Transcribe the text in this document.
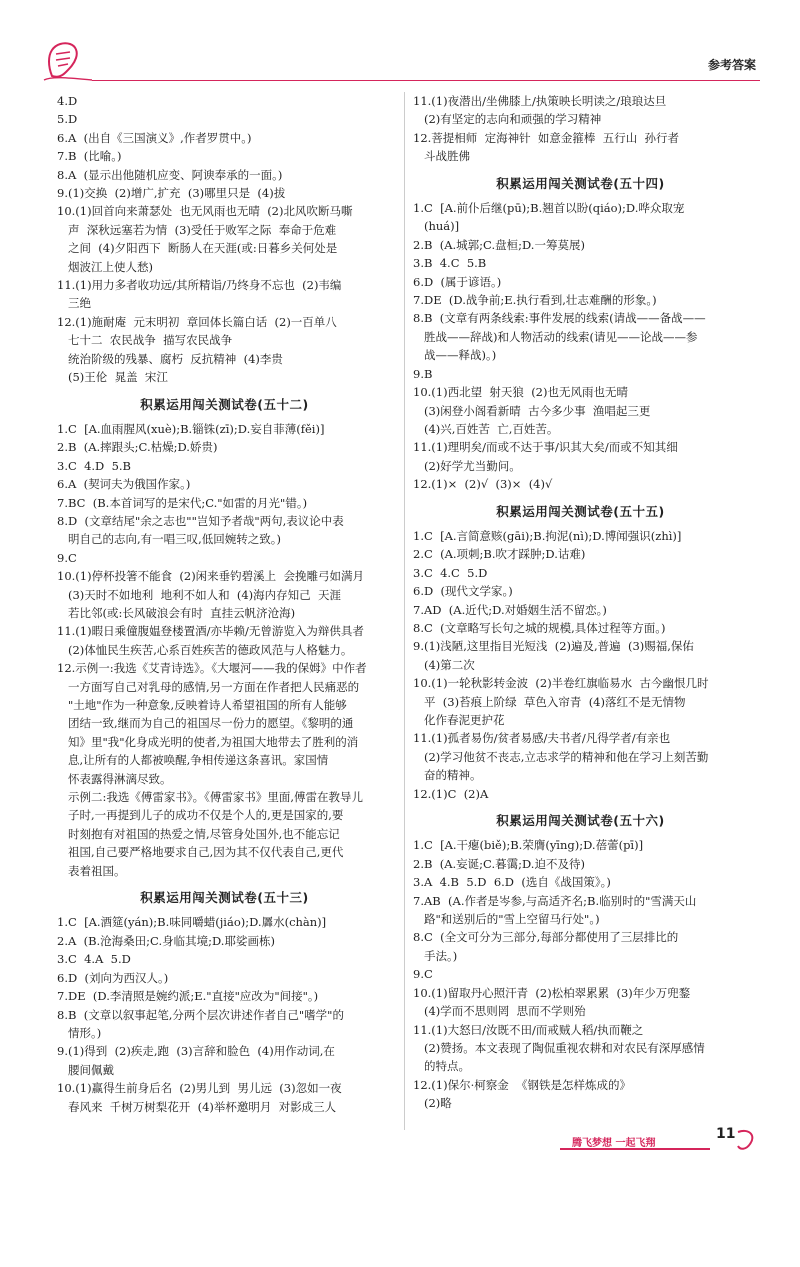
参考答案
4.D
5.D
6.A  (出自《三国演义》,作者罗贯中。)
7.B  (比喻。)
8.A  (显示出他随机应变、阿谀奉承的一面。)
9.(1)交换  (2)增广,扩充  (3)哪里只是  (4)拔
10.(1)回首向来萧瑟处  也无风雨也无晴  (2)北风吹断马嘶
声  深秋远塞若为情  (3)受任于败军之际  奉命于危难
之间  (4)夕阳西下  断肠人在天涯(或:日暮乡关何处是
烟波江上使人愁)
11.(1)用力多者收功远/其所精诣/乃终身不忘也  (2)韦编
三绝
12.(1)施耐庵  元末明初  章回体长篇白话  (2)一百单八
七十二  农民战争  描写农民战争
统治阶级的残暴、腐朽  反抗精神  (4)李贵
(5)王伦  晁盖  宋江
积累运用闯关测试卷(五十二)
1.C  [A.血雨腥风(xuè);B.锱铢(zī);D.妄自菲薄(fěi)]
2.B  (A.摔跟头;C.枯燥;D.娇贵)
3.C  4.D  5.B
6.A  (契诃夫为俄国作家。)
7.BC  (B.本首词写的是宋代;C."如雷的月光"错。)
8.D  (文章结尾"余之志也""岂知予者哉"两句,表议论中表
明自己的志向,有一唱三叹,低回婉转之致。)
9.C
10.(1)停杯投箸不能食  (2)闲来垂钓碧溪上  会挽雕弓如满月
(3)天时不如地利  地利不如人和  (4)海内存知己  天涯
若比邻(或:长风破浪会有时  直挂云帆济沧海)
11.(1)暇日乘僮腹媪登楼置酒/亦毕赖/无曾游览入为辩供具者
(2)体恤民生疾苦,心系百姓疾苦的德政风范与人格魅力。
12.示例一:我选《艾青诗选》。《大堰河——我的保姆》中作者
一方面写自己对乳母的感情,另一方面在作者把人民痛恶的
"土地"作为一种意象,反映着诗人希望祖国的所有人能够
团结一致,继而为自己的祖国尽一份力的愿望。《黎明的通
知》里"我"化身成光明的使者,为祖国大地带去了胜利的消
息,让所有的人都被唤醒,争相传递这条喜讯。家国情
怀表露得淋漓尽致。
示例二:我选《傅雷家书》。《傅雷家书》里面,傅雷在教导儿
子时,一再提到儿子的成功不仅是个人的,更是国家的,要
时刻抱有对祖国的热爱之情,尽管身处国外,也不能忘记
祖国,自己要严格地要求自己,因为其不仅代表自己,更代
表着祖国。
积累运用闯关测试卷(五十三)
1.C  [A.酒筵(yán);B.味同嚼蜡(jiáo);D.羼水(chàn)]
2.A  (B.沧海桑田;C.身临其境;D.耶娑画栋)
3.C  4.A  5.D
6.D  (刘向为西汉人。)
7.DE  (D.李清照是婉约派;E."直接"应改为"间接"。)
8.B  (文章以叙事起笔,分两个层次讲述作者自己"嗜学"的
情形。)
9.(1)得到  (2)疾走,跑  (3)言辞和脸色  (4)用作动词,在
腰间佩戴
10.(1)赢得生前身后名  (2)男儿到  男儿远  (3)忽如一夜
春风来  千树万树梨花开  (4)举杯邀明月  对影成三人
11.(1)夜潜出/坐佛膝上/执策映长明读之/琅琅达旦
(2)有坚定的志向和顽强的学习精神
12.菩提相师  定海神针  如意金箍棒  五行山  孙行者
斗战胜佛
积累运用闯关测试卷(五十四)
1.C  [A.前仆后继(pū);B.翘首以盼(qiáo);D.哗众取宠
(huá)]
2.B  (A.城郭;C.盘桓;D.一筹莫展)
3.B  4.C  5.B
6.D  (属于谚语。)
7.DE  (D.战争前;E.执行看到,壮志难酬的形象。)
8.B  (文章有两条线索:事件发展的线索(请战——备战——
胜战——辞战)和人物活动的线索(请见——论战——参
战——释战)。)
9.B
10.(1)西北望  射天狼  (2)也无风雨也无晴
(3)闲登小阁看新晴  古今多少事  渔唱起三更
(4)兴,百姓苦  亡,百姓苦。
11.(1)理明矣/而或不达于事/识其大矣/而或不知其细
(2)好学尤当勤问。
12.(1)×  (2)√  (3)×  (4)√
积累运用闯关测试卷(五十五)
1.C  [A.言简意赅(gāi);B.拘泥(nì);D.博闻强识(zhì)]
2.C  (A.项刺;B.吹才踩肿;D.诂难)
3.C  4.C  5.D
6.D  (现代文学家。)
7.AD  (A.近代;D.对婚姻生活不留恋。)
8.C  (文章略写长句之城的规模,具体过程等方面。)
9.(1)浅陋,这里指目光短浅  (2)遍及,普遍  (3)赐福,保佑
(4)第二次
10.(1)一轮秋影转金波  (2)半卷红旗临易水  古今幽恨几时
平  (3)苔痕上阶绿  草色入帘青  (4)落红不是无情物
化作春泥更护花
11.(1)孤者易伤/贫者易感/夫书者/凡得学者/有亲也
(2)学习他贫不丧志,立志求学的精神和他在学习上刻苦勤
奋的精神。
12.(1)C  (2)A
积累运用闯关测试卷(五十六)
1.C  [A.干瘪(biě);B.荣膺(yīng);D.蓓蕾(pī)]
2.B  (A.妄诞;C.暮霭;D.迫不及待)
3.A  4.B  5.D  6.D  (选自《战国策》。)
7.AB  (A.作者是岑参,与高适齐名;B.临别时的"雪满天山
路"和送别后的"雪上空留马行处"。)
8.C  (全文可分为三部分,每部分都使用了三层排比的
手法。)
9.C
10.(1)留取丹心照汗青  (2)松柏翠累累  (3)年少万兜鍪
(4)学而不思则罔  思而不学则殆
11.(1)大怒曰/汝既不田/而戒贼人稻/执而鞭之
(2)赞扬。本文表现了陶侃重视农耕和对农民有深厚感情
的特点。
12.(1)保尔·柯察金  《钢铁是怎样炼成的》
(2)略
腾飞梦想 一起飞翔
11
